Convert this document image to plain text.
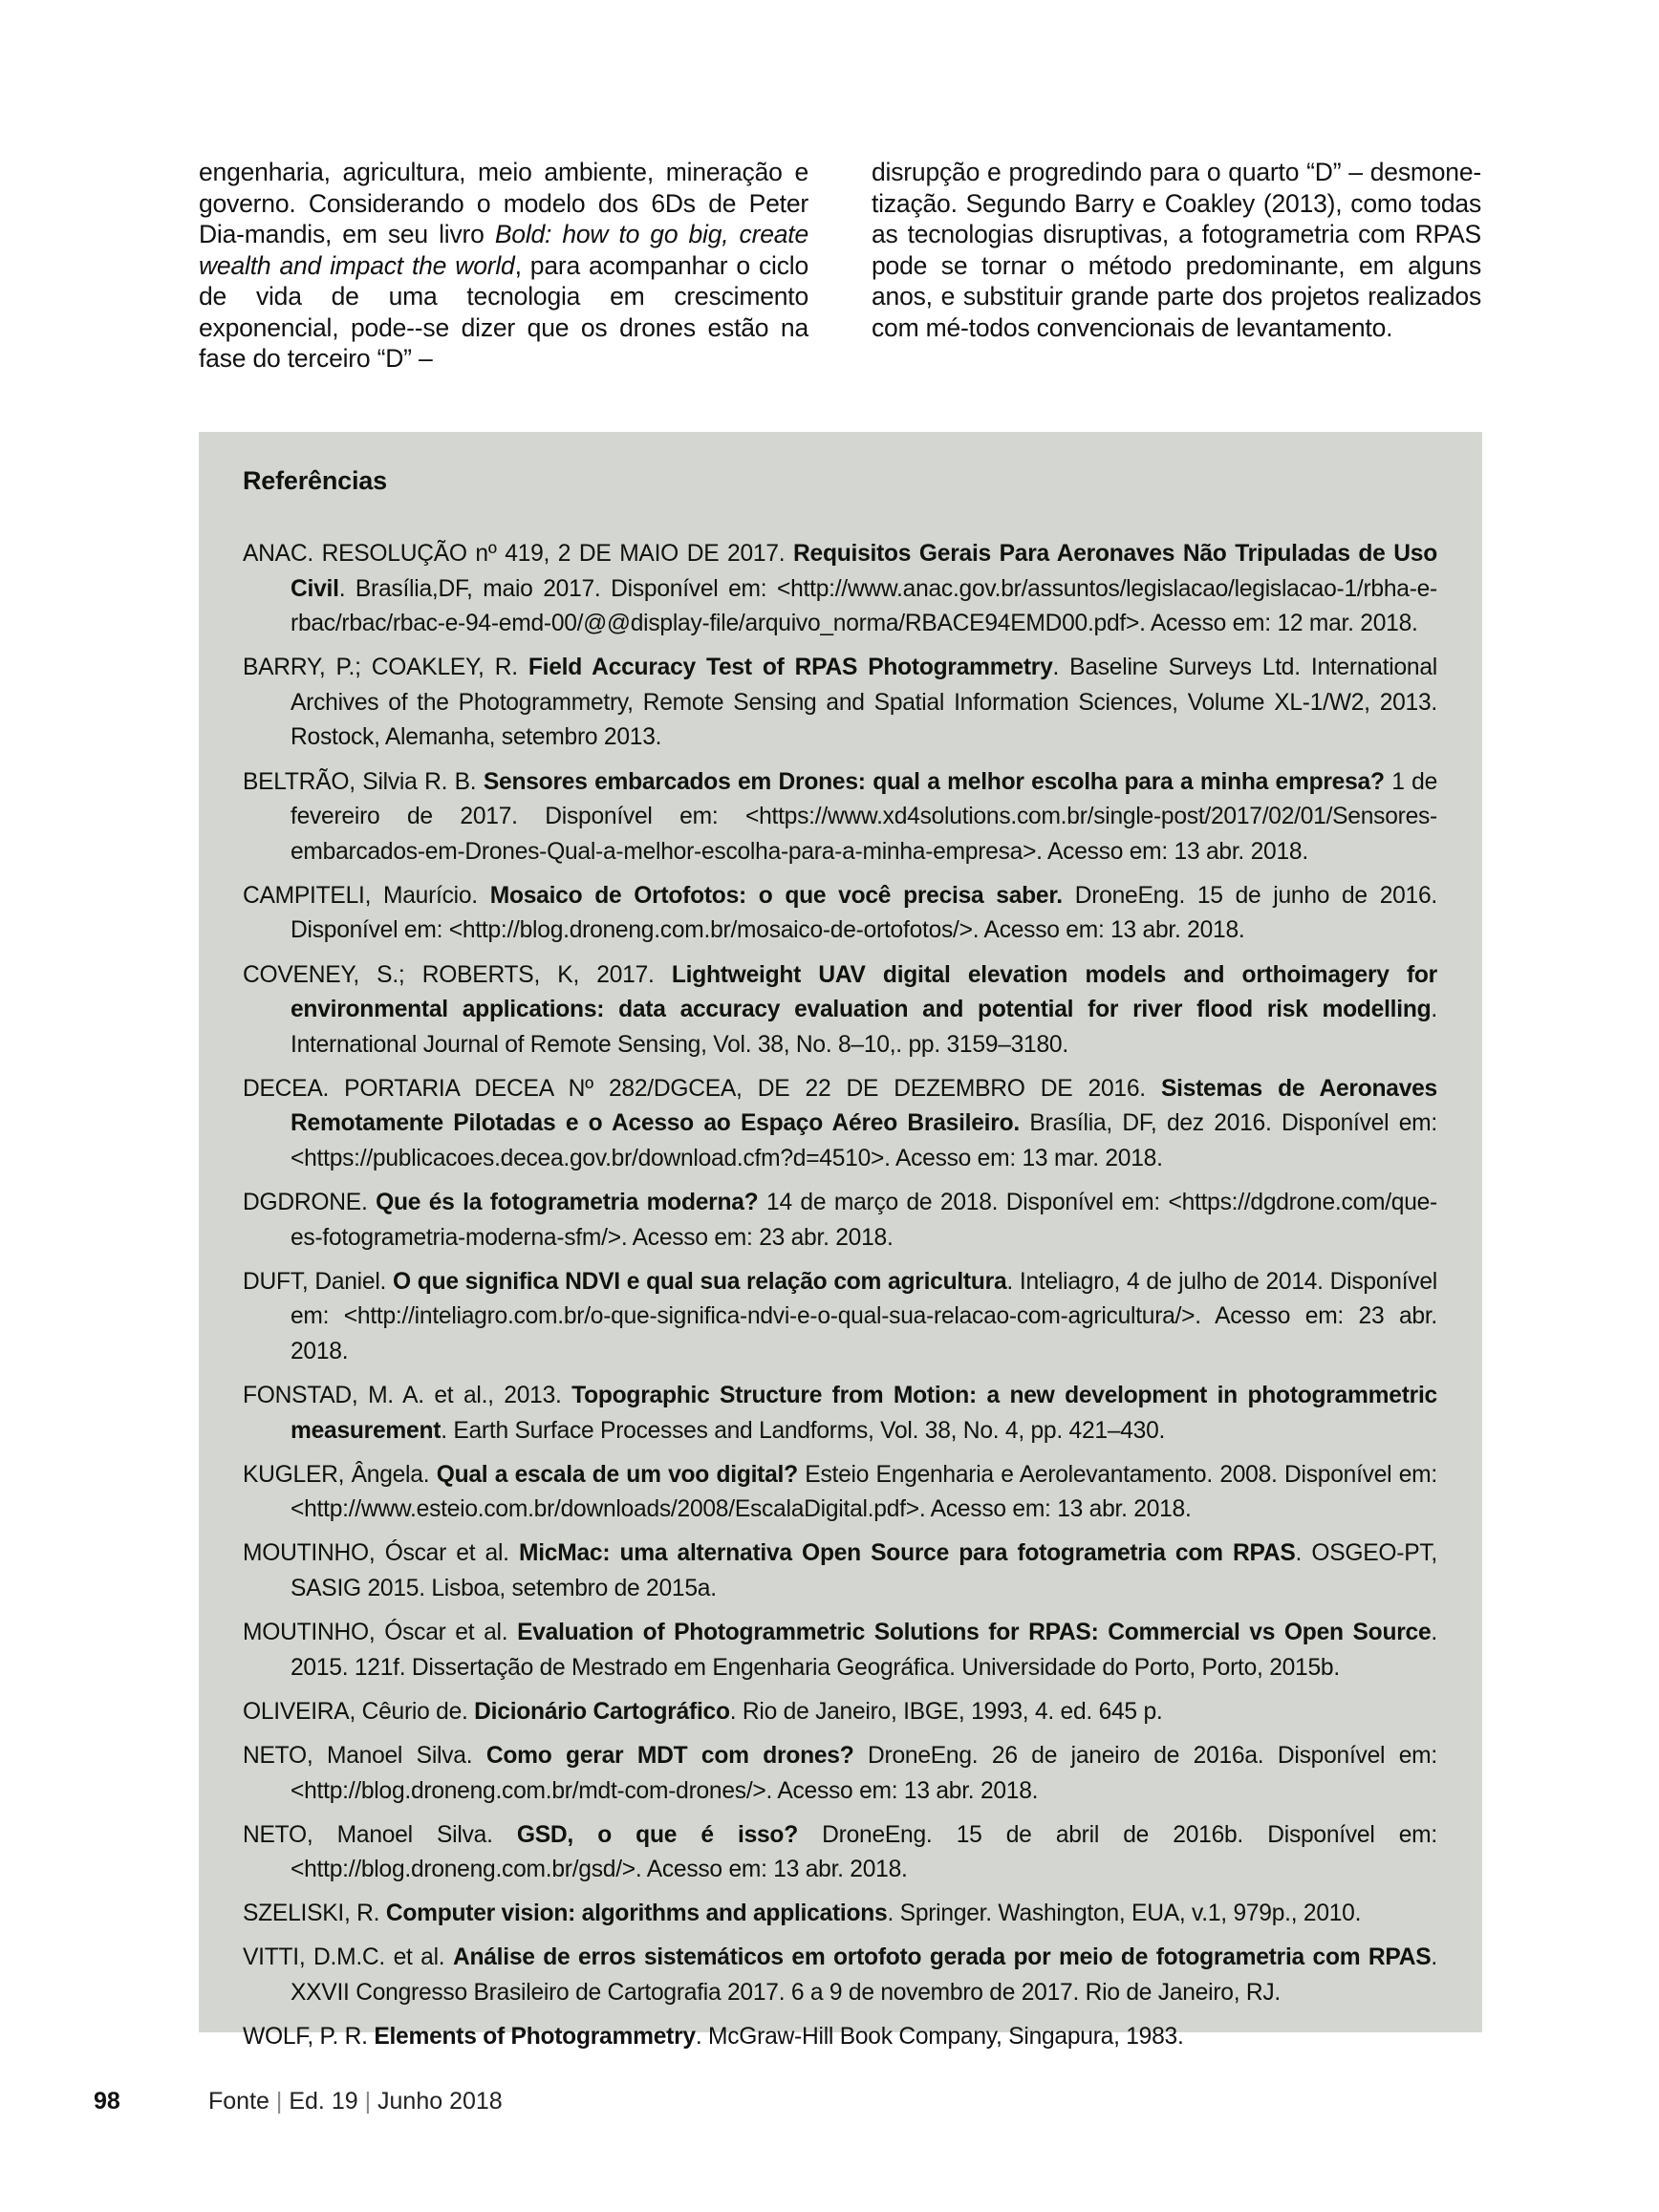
engenharia, agricultura, meio ambiente, mineração e governo. Considerando o modelo dos 6Ds de Peter Dia-mandis, em seu livro Bold: how to go big, create wealth and impact the world, para acompanhar o ciclo de vida de uma tecnologia em crescimento exponencial, pode--se dizer que os drones estão na fase do terceiro “D” –

disrupção e progredindo para o quarto “D” – desmone-tização. Segundo Barry e Coakley (2013), como todas as tecnologias disruptivas, a fotogrametria com RPAS pode se tornar o método predominante, em alguns anos, e substituir grande parte dos projetos realizados com mé-todos convencionais de levantamento.

Referências
ANAC. RESOLUÇÃO nº 419, 2 DE MAIO DE 2017. Requisitos Gerais Para Aeronaves Não Tripuladas de Uso Civil. Brasília,DF, maio 2017. Disponível em: <http://www.anac.gov.br/assuntos/legislacao/legislacao-1/rbha-e-rbac/rbac/rbac-e-94-emd-00/@@display-file/arquivo_norma/RBACE94EMD00.pdf>. Acesso em: 12 mar. 2018.
BARRY, P.; COAKLEY, R. Field Accuracy Test of RPAS Photogrammetry. Baseline Surveys Ltd. International Archives of the Photogrammetry, Remote Sensing and Spatial Information Sciences, Volume XL-1/W2, 2013. Rostock, Alemanha, setembro 2013.
BELTRÃO, Silvia R. B. Sensores embarcados em Drones: qual a melhor escolha para a minha empresa? 1 de fevereiro de 2017. Disponível em: <https://www.xd4solutions.com.br/single-post/2017/02/01/Sensores-embarcados-em-Drones-Qual-a-melhor-escolha-para-a-minha-empresa>. Acesso em: 13 abr. 2018.
CAMPITELI, Maurício. Mosaico de Ortofotos: o que você precisa saber. DroneEng. 15 de junho de 2016. Disponível em: <http://blog.droneng.com.br/mosaico-de-ortofotos/>. Acesso em: 13 abr. 2018.
COVENEY, S.; ROBERTS, K, 2017. Lightweight UAV digital elevation models and orthoimagery for environmental applications: data accuracy evaluation and potential for river flood risk modelling. International Journal of Remote Sensing, Vol. 38, No. 8–10,. pp. 3159–3180.
DECEA. PORTARIA DECEA Nº 282/DGCEA, DE 22 DE DEZEMBRO DE 2016. Sistemas de Aeronaves Remotamente Pilotadas e o Acesso ao Espaço Aéreo Brasileiro. Brasília, DF, dez 2016. Disponível em: <https://publicacoes.decea.gov.br/download.cfm?d=4510>. Acesso em: 13 mar. 2018.
DGDRONE. Que és la fotogrametria moderna? 14 de março de 2018. Disponível em: <https://dgdrone.com/que-es-fotogrametria-moderna-sfm/>. Acesso em: 23 abr. 2018.
DUFT, Daniel. O que significa NDVI e qual sua relação com agricultura. Inteliagro, 4 de julho de 2014. Disponível em: <http://inteliagro.com.br/o-que-significa-ndvi-e-o-qual-sua-relacao-com-agricultura/>. Acesso em: 23 abr. 2018.
FONSTAD, M. A. et al., 2013. Topographic Structure from Motion: a new development in photogrammetric measurement. Earth Surface Processes and Landforms, Vol. 38, No. 4, pp. 421–430.
KUGLER, Ângela. Qual a escala de um voo digital? Esteio Engenharia e Aerolevantamento. 2008. Disponível em: <http://www.esteio.com.br/downloads/2008/EscalaDigital.pdf>. Acesso em: 13 abr. 2018.
MOUTINHO, Óscar et al. MicMac: uma alternativa Open Source para fotogrametria com RPAS. OSGEO-PT, SASIG 2015. Lisboa, setembro de 2015a.
MOUTINHO, Óscar et al. Evaluation of Photogrammetric Solutions for RPAS: Commercial vs Open Source. 2015. 121f. Dissertação de Mestrado em Engenharia Geográfica. Universidade do Porto, Porto, 2015b.
OLIVEIRA, Cêurio de. Dicionário Cartográfico. Rio de Janeiro, IBGE, 1993, 4. ed. 645 p.
NETO, Manoel Silva. Como gerar MDT com drones? DroneEng. 26 de janeiro de 2016a. Disponível em: <http://blog.droneng.com.br/mdt-com-drones/>. Acesso em: 13 abr. 2018.
NETO, Manoel Silva. GSD, o que é isso? DroneEng. 15 de abril de 2016b. Disponível em: <http://blog.droneng.com.br/gsd/>. Acesso em: 13 abr. 2018.
SZELISKI, R. Computer vision: algorithms and applications. Springer. Washington, EUA, v.1, 979p., 2010.
VITTI, D.M.C. et al. Análise de erros sistemáticos em ortofoto gerada por meio de fotogrametria com RPAS. XXVII Congresso Brasileiro de Cartografia 2017. 6 a 9 de novembro de 2017. Rio de Janeiro, RJ.
WOLF, P. R. Elements of Photogrammetry. McGraw-Hill Book Company, Singapura, 1983.
98	Fonte | Ed. 19 | Junho 2018
